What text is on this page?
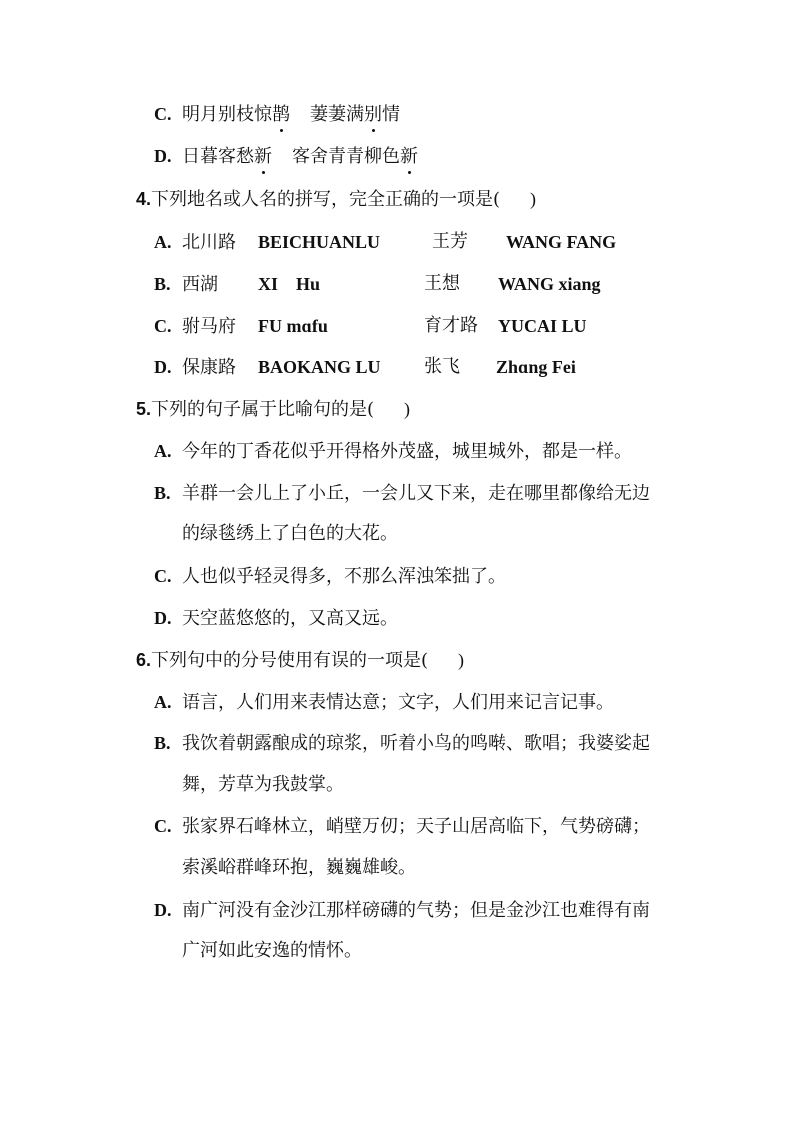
C. 明月别枝惊鹊 萋萋满别情
D. 日暮客愁新 客舍青青柳色新
4.下列地名或人名的拼写，完全正确的一项是( )
A. 北川路 BEICHUANLU	王芳 WANG FANG
B. 西湖 XI    Hu	王想 WANG xiang
C. 驸马府 FU mɑfu	育才路 YUCAI LU
D. 保康路 BAOKANG LU 张飞 Zhɑng Fei
5.下列的句子属于比喻句的是( )
A. 今年的丁香花似乎开得格外茂盛，城里城外，都是一样。
B. 羊群一会儿上了小丘，一会儿又下来，走在哪里都像给无边
的绿毯绣上了白色的大花。
C. 人也似乎轻灵得多，不那么浑浊笨拙了。
D. 天空蓝悠悠的，又高又远。
6.下列句中的分号使用有误的一项是( )
A. 语言，人们用来表情达意；文字，人们用来记言记事。
B. 我饮着朝露酿成的琼浆，听着小鸟的鸣啭、歌唱；我婆娑起
舞，芳草为我鼓掌。
C. 张家界石峰林立，峭壁万仞；天子山居高临下，气势磅礴；
索溪峪群峰环抱，巍巍雄峻。
D. 南广河没有金沙江那样磅礴的气势；但是金沙江也难得有南
广河如此安逸的情怀。
